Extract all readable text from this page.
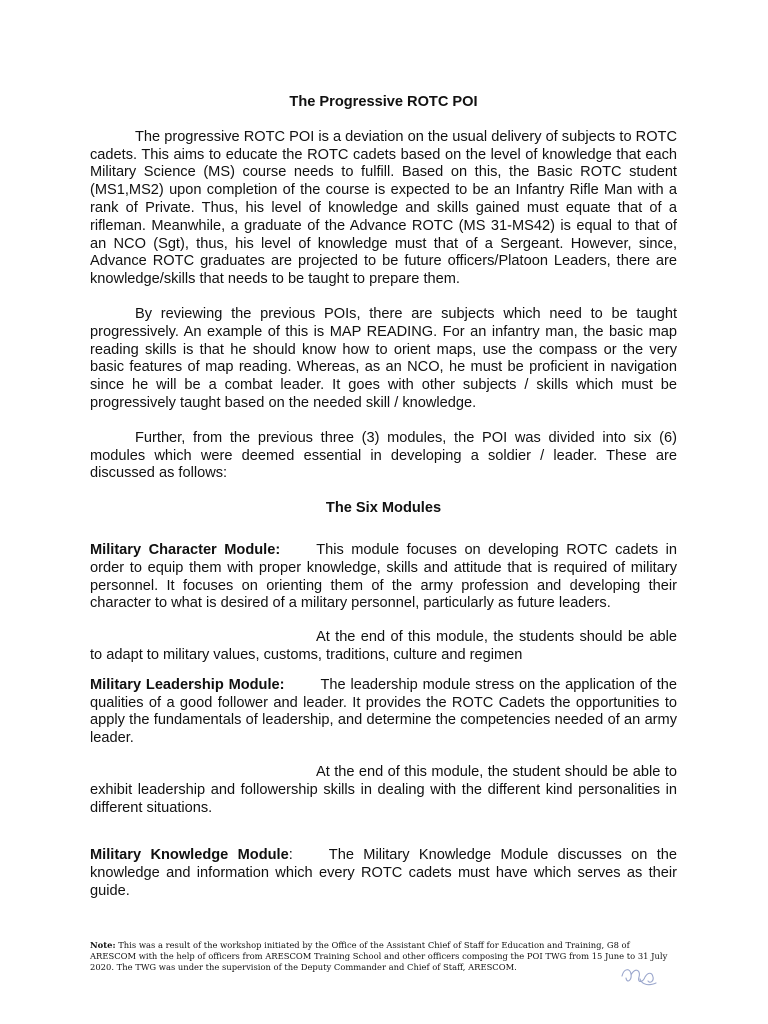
The Progressive ROTC POI

The progressive ROTC POI is a deviation on the usual delivery of subjects to ROTC cadets. This aims to educate the ROTC cadets based on the level of knowledge that each Military Science (MS) course needs to fulfill. Based on this, the Basic ROTC student (MS1,MS2) upon completion of the course is expected to be an Infantry Rifle Man with a rank of Private. Thus, his level of knowledge and skills gained must equate that of a rifleman. Meanwhile, a graduate of the Advance ROTC (MS 31-MS42) is equal to that of an NCO (Sgt), thus, his level of knowledge must that of a Sergeant. However, since, Advance ROTC graduates are projected to be future officers/Platoon Leaders, there are knowledge/skills that needs to be taught to prepare them.

By reviewing the previous POIs, there are subjects which need to be taught progressively. An example of this is MAP READING. For an infantry man, the basic map reading skills is that he should know how to orient maps, use the compass or the very basic features of map reading. Whereas, as an NCO, he must be proficient in navigation since he will be a combat leader. It goes with other subjects / skills which must be progressively taught based on the needed skill / knowledge.

Further, from the previous three (3) modules, the POI was divided into six (6) modules which were deemed essential in developing a soldier / leader. These are discussed as follows:

The Six Modules

Military Character Module: This module focuses on developing ROTC cadets in order to equip them with proper knowledge, skills and attitude that is required of military personnel. It focuses on orienting them of the army profession and developing their character to what is desired of a military personnel, particularly as future leaders.

At the end of this module, the students should be able to adapt to military values, customs, traditions, culture and regimen

Military Leadership Module: The leadership module stress on the application of the qualities of a good follower and leader. It provides the ROTC Cadets the opportunities to apply the fundamentals of leadership, and determine the competencies needed of an army leader.

At the end of this module, the student should be able to exhibit leadership and followership skills in dealing with the different kind personalities in different situations.

Military Knowledge Module: The Military Knowledge Module discusses on the knowledge and information which every ROTC cadets must have which serves as their guide.

Note: This was a result of the workshop initiated by the Office of the Assistant Chief of Staff for Education and Training, G8 of ARESCOM with the help of officers from ARESCOM Training School and other officers composing the POI TWG from 15 June to 31 July 2020. The TWG was under the supervision of the Deputy Commander and Chief of Staff, ARESCOM.
